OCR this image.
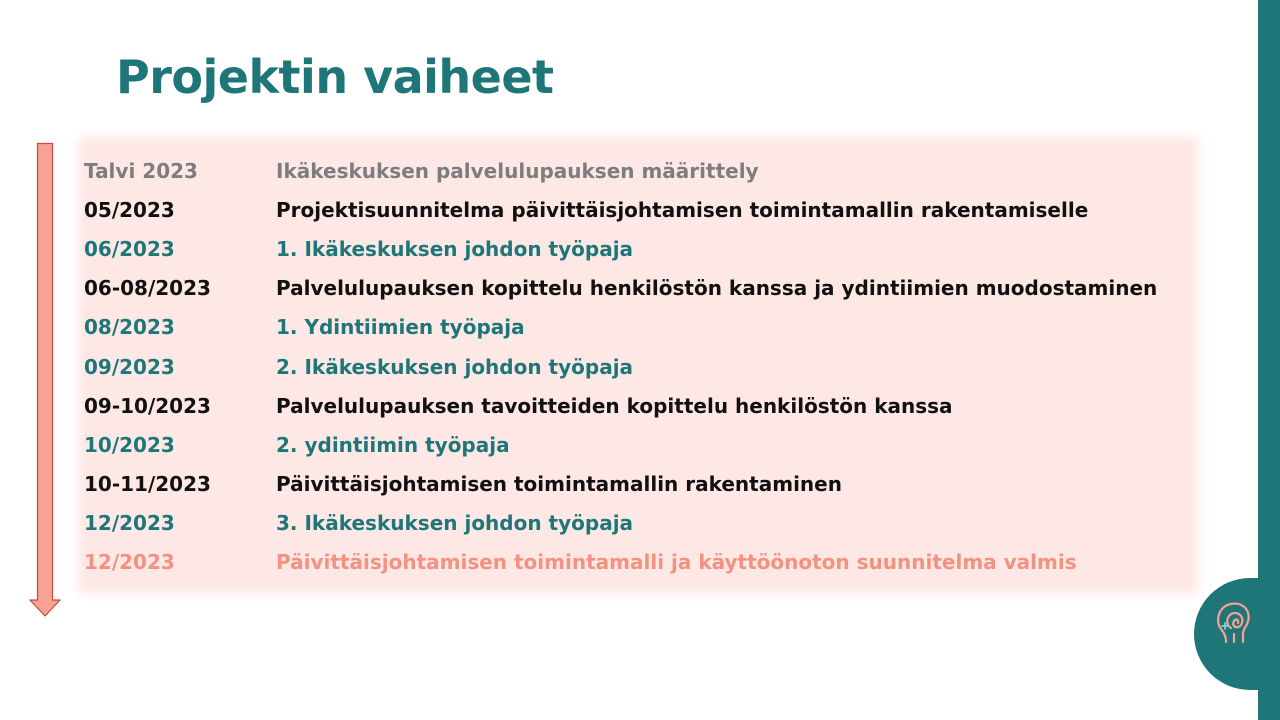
Projektin vaiheet
Talvi 2023	Ikäkeskuksen palvelulupauksen määrittely
05/2023	Projektisuunnitelma päivittäisjohtamisen toimintamallin rakentamiselle
06/2023	1. Ikäkeskuksen johdon työpaja
06-08/2023	Palvelulupauksen kopittelu henkilöstön kanssa ja ydintiimien muodostaminen
08/2023	1. Ydintiimien työpaja
09/2023	2. Ikäkeskuksen johdon työpaja
09-10/2023	Palvelulupauksen tavoitteiden kopittelu henkilöstön kanssa
10/2023	2. ydintiimin työpaja
10-11/2023	Päivittäisjohtamisen toimintamallin rakentaminen
12/2023	3. Ikäkeskuksen johdon työpaja
12/2023	Päivittäisjohtamisen toimintamalli ja käyttöönoton suunnitelma valmis
